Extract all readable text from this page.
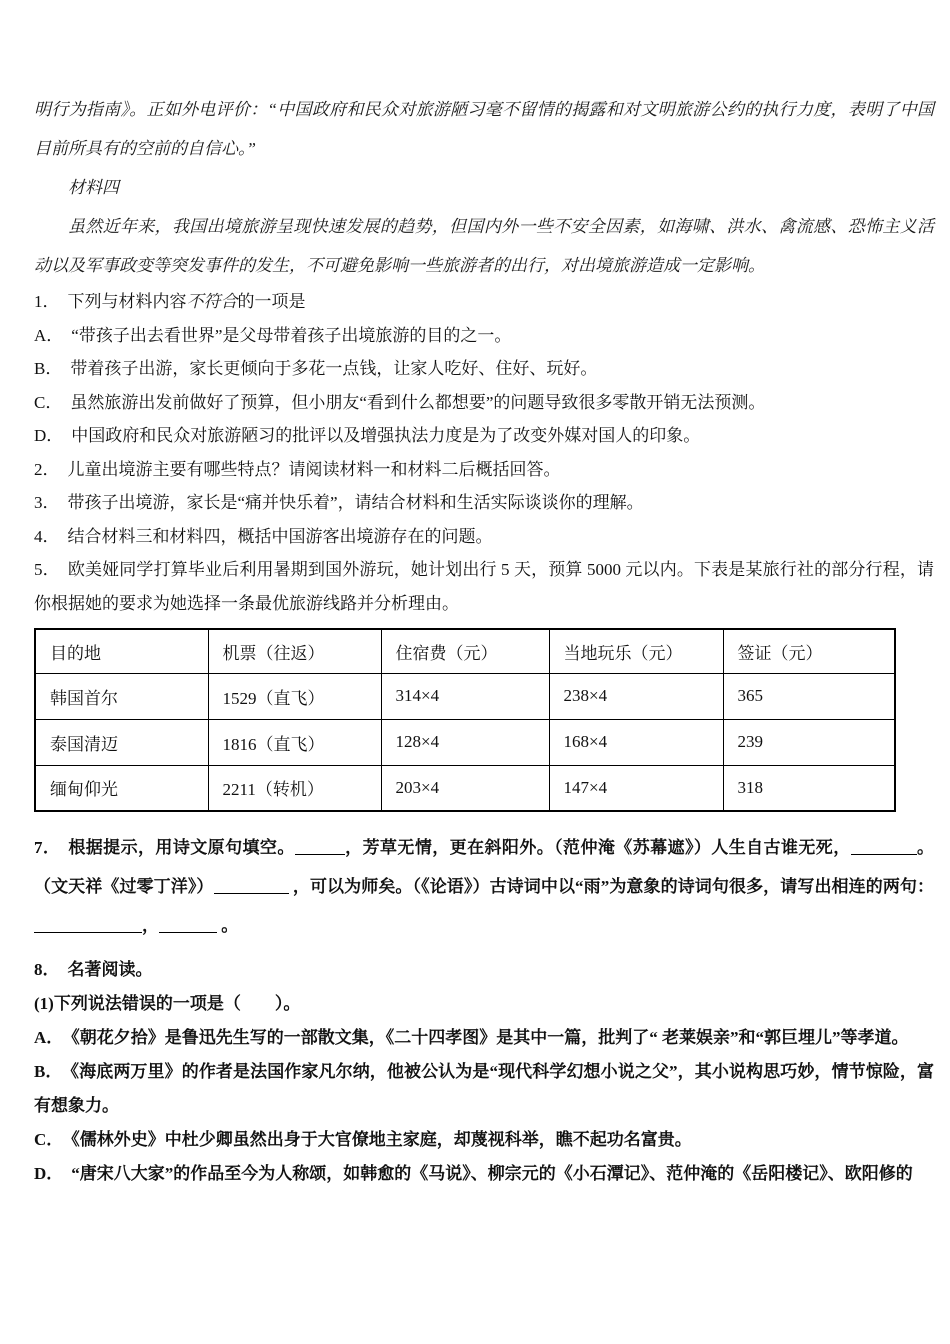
明行为指南》。正如外电评价：“中国政府和民众对旅游陋习毫不留情的揭露和对文明旅游公约的执行力度，表明了中国目前所具有的空前的自信心。”

材料四

虽然近年来，我国出境旅游呈现快速发展的趋势，但国内外一些不安全因素，如海啸、洪水、禽流感、恐怖主义活动以及军事政变等突发事件的发生，不可避免影响一些旅游者的出行，对出境旅游造成一定影响。

1． 下列与材料内容不符合的一项是

A． “带孩子出去看世界”是父母带着孩子出境旅游的目的之一。

B． 带着孩子出游，家长更倾向于多花一点钱，让家人吃好、住好、玩好。

C． 虽然旅游出发前做好了预算，但小朋友“看到什么都想要”的问题导致很多零散开销无法预测。

D． 中国政府和民众对旅游陋习的批评以及增强执法力度是为了改变外媒对国人的印象。

2． 儿童出境游主要有哪些特点？请阅读材料一和材料二后概括回答。

3． 带孩子出境游，家长是“痛并快乐着”，请结合材料和生活实际谈谈你的理解。

4． 结合材料三和材料四，概括中国游客出境游存在的问题。

5． 欧美娅同学打算毕业后利用暑期到国外游玩，她计划出行 5 天，预算 5000 元以内。下表是某旅行社的部分行程，请你根据她的要求为她选择一条最优旅游线路并分析理由。

目的地	机票（往返）	住宿费（元）	当地玩乐（元）	签证（元）
韩国首尔	1529（直飞）	314×4	238×4	365
泰国清迈	1816（直飞）	128×4	168×4	239
缅甸仰光	2211（转机）	203×4	147×4	318

7． 根据提示，用诗文原句填空。	，芳草无情，更在斜阳外。（范仲淹《苏幕遮》）人生自古谁无死，	。（文天祥《过零丁洋》）	，可以为师矣。（《论语》）古诗词中以“雨”为意象的诗词句很多，请写出相连的两句：，	。

8． 名著阅读。

(1)下列说法错误的一项是（　　）。

A． 《朝花夕拾》是鲁迅先生写的一部散文集，《二十四孝图》是其中一篇，批判了“ 老莱娱亲”和“郭巨埋儿”等孝道。

B． 《海底两万里》的作者是法国作家凡尔纳，他被公认为是“现代科学幻想小说之父”，其小说构思巧妙，情节惊险，富有想象力。

C． 《儒林外史》中杜少卿虽然出身于大官僚地主家庭，却蔑视科举，瞧不起功名富贵。

D． “唐宋八大家”的作品至今为人称颂，如韩愈的《马说》、柳宗元的《小石潭记》、范仲淹的《岳阳楼记》、欧阳修的
